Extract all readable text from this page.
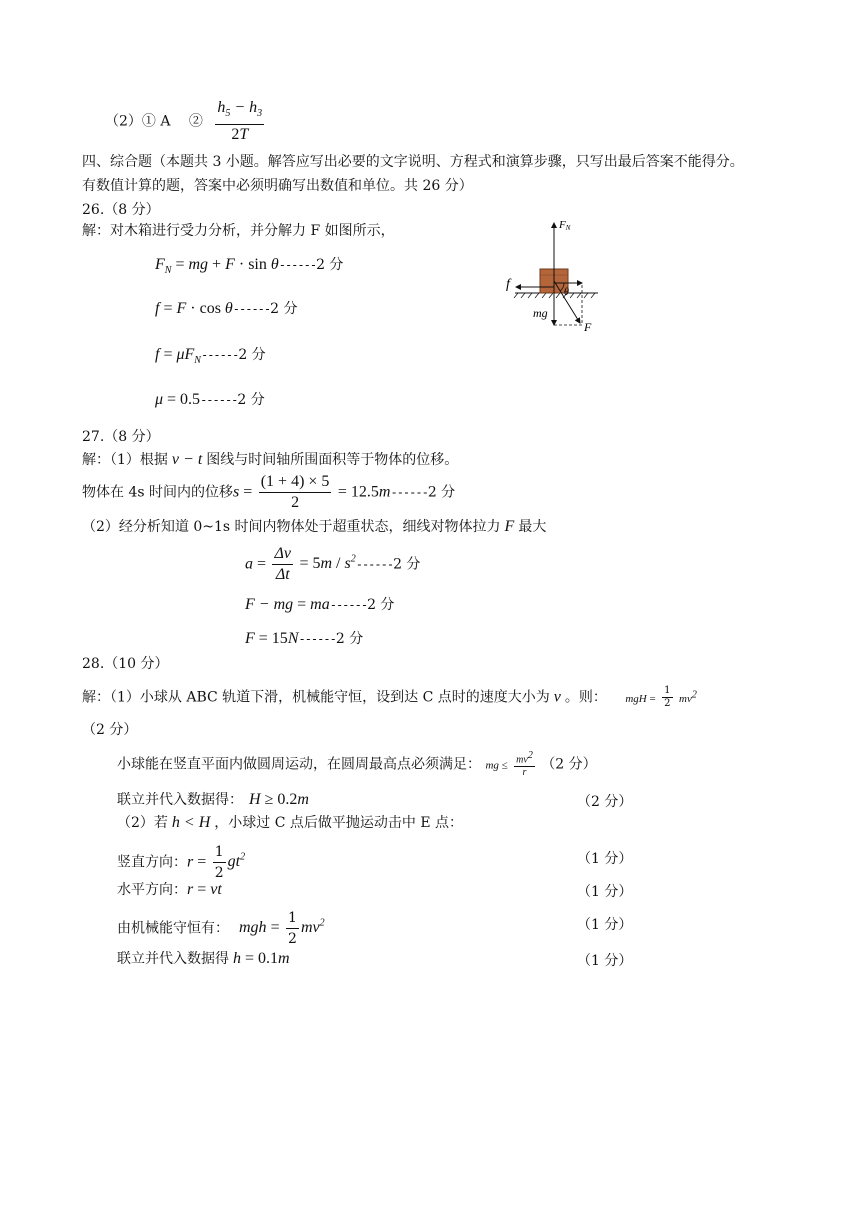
（2）① A　 ② $\frac{h_5 - h_3}{2T}$
四、综合题（本题共 3 小题。解答应写出必要的文字说明、方程式和演算步骤，只写出最后答案不能得分。
有数值计算的题，答案中必须明确写出数值和单位。共 26 分）
26.（8 分）
解：对木箱进行受力分析，并分解力 F 如图所示，
$F_N$ = mg + F · sin θ------2 分
f = F · cos θ------2 分
$f = \mu F_N------2$ 分
μ = 0.5------2 分
θ
FN
f
mg
F
27.（8 分）
解：（1）根据 v − t 图线与时间轴所围面积等于物体的位移。
物体在 4s 时间内的位移$s = \frac{(1 + 4) \times 5}{2} = 12.5m------2$ 分
（2）经分析知道 0~1s 时间内物体处于超重状态，细线对物体拉力 F 最大
$a = \frac{\Delta v}{\Delta t} = 5m / s^2------2$ 分
F − mg = ma------2 分
F = 15N------2 分
28.（10 分）
解：（1）小球从 ABC 轨道下滑，机械能守恒，设到达 C 点时的速度大小为 v 。则： mgH = $\frac{1}{2} mv^2$
（2 分）
小球能在竖直平面内做圆周运动，在圆周最高点必须满足： mg ≤ $\frac{mv^2}{r} (2$ 分）
联立并代入数据得： H ≥ 0.2m	（2 分）
（2）若 h < H ，小球过 C 点后做平抛运动击中 E 点：
竖直方向：$r = \frac{1}{2} gt^2$	（1 分）
水平方向：r = vt	（1 分）
由机械能守恒有： mgh = $\frac{1}{2} mv^2$	（1 分）
联立并代入数据得 h = 0.1m	（1 分）
